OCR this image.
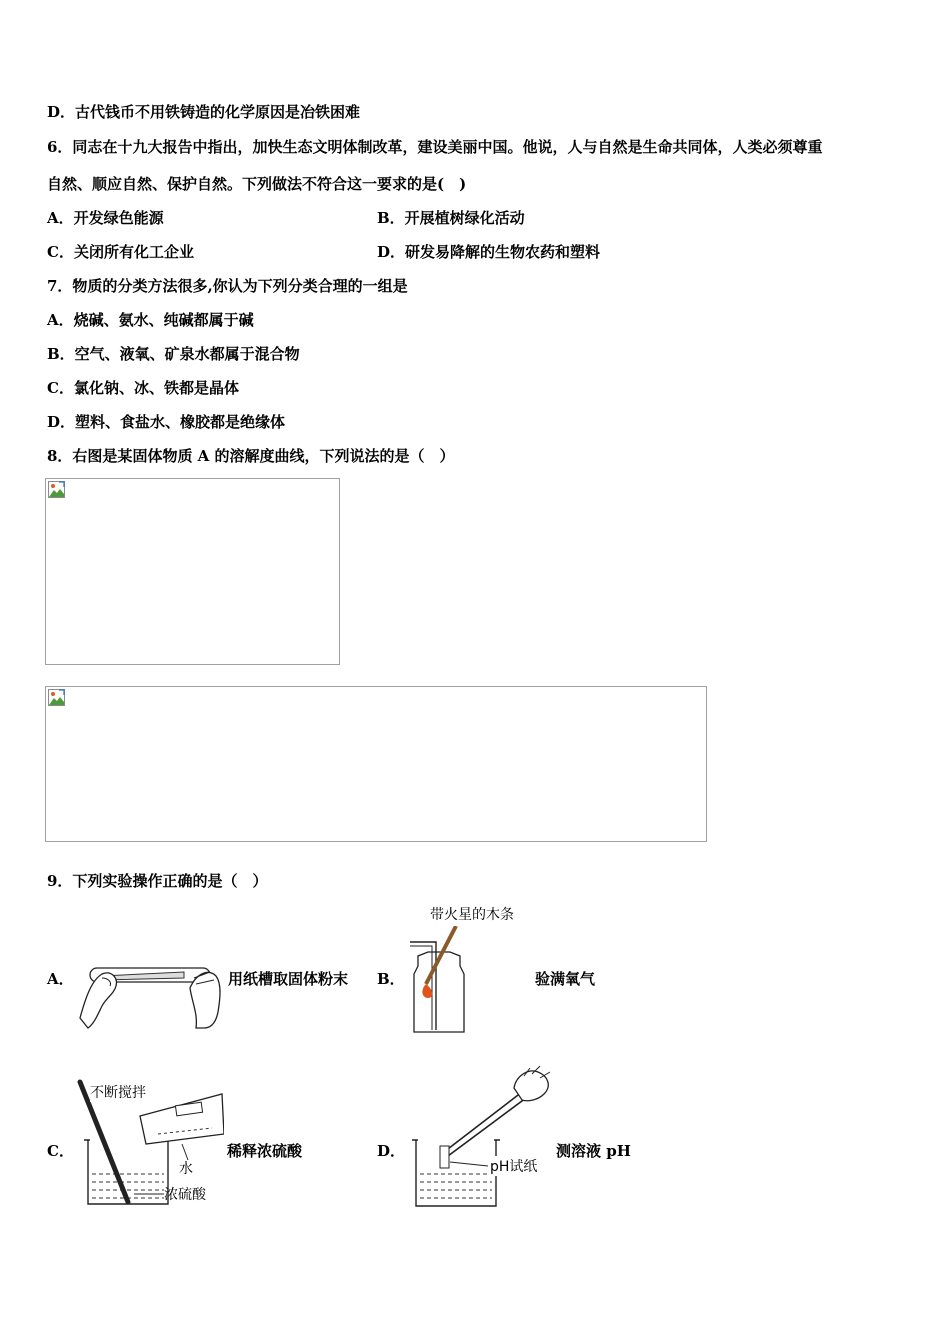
D．古代钱币不用铁铸造的化学原因是冶铁困难
6．同志在十九大报告中指出，加快生态文明体制改革，建设美丽中国。他说，人与自然是生命共同体，人类必须尊重
自然、顺应自然、保护自然。下列做法不符合这一要求的是(　)
A．开发绿色能源	B．开展植树绿化活动
C．关闭所有化工企业	D．研发易降解的生物农药和塑料
7．物质的分类方法很多,你认为下列分类合理的一组是
A．烧碱、氨水、纯碱都属于碱
B．空气、液氧、矿泉水都属于混合物
C．氯化钠、冰、铁都是晶体
D．塑料、食盐水、橡胶都是绝缘体
8．右图是某固体物质 A 的溶解度曲线，下列说法的是（　）
9．下列实验操作正确的是（　）
A．	用纸槽取固体粉末 B．
带火星的木条
验满氧气
C．
不断搅拌
水
浓硫酸
稀释浓硫酸	D．
pH试纸
测溶液 pH
